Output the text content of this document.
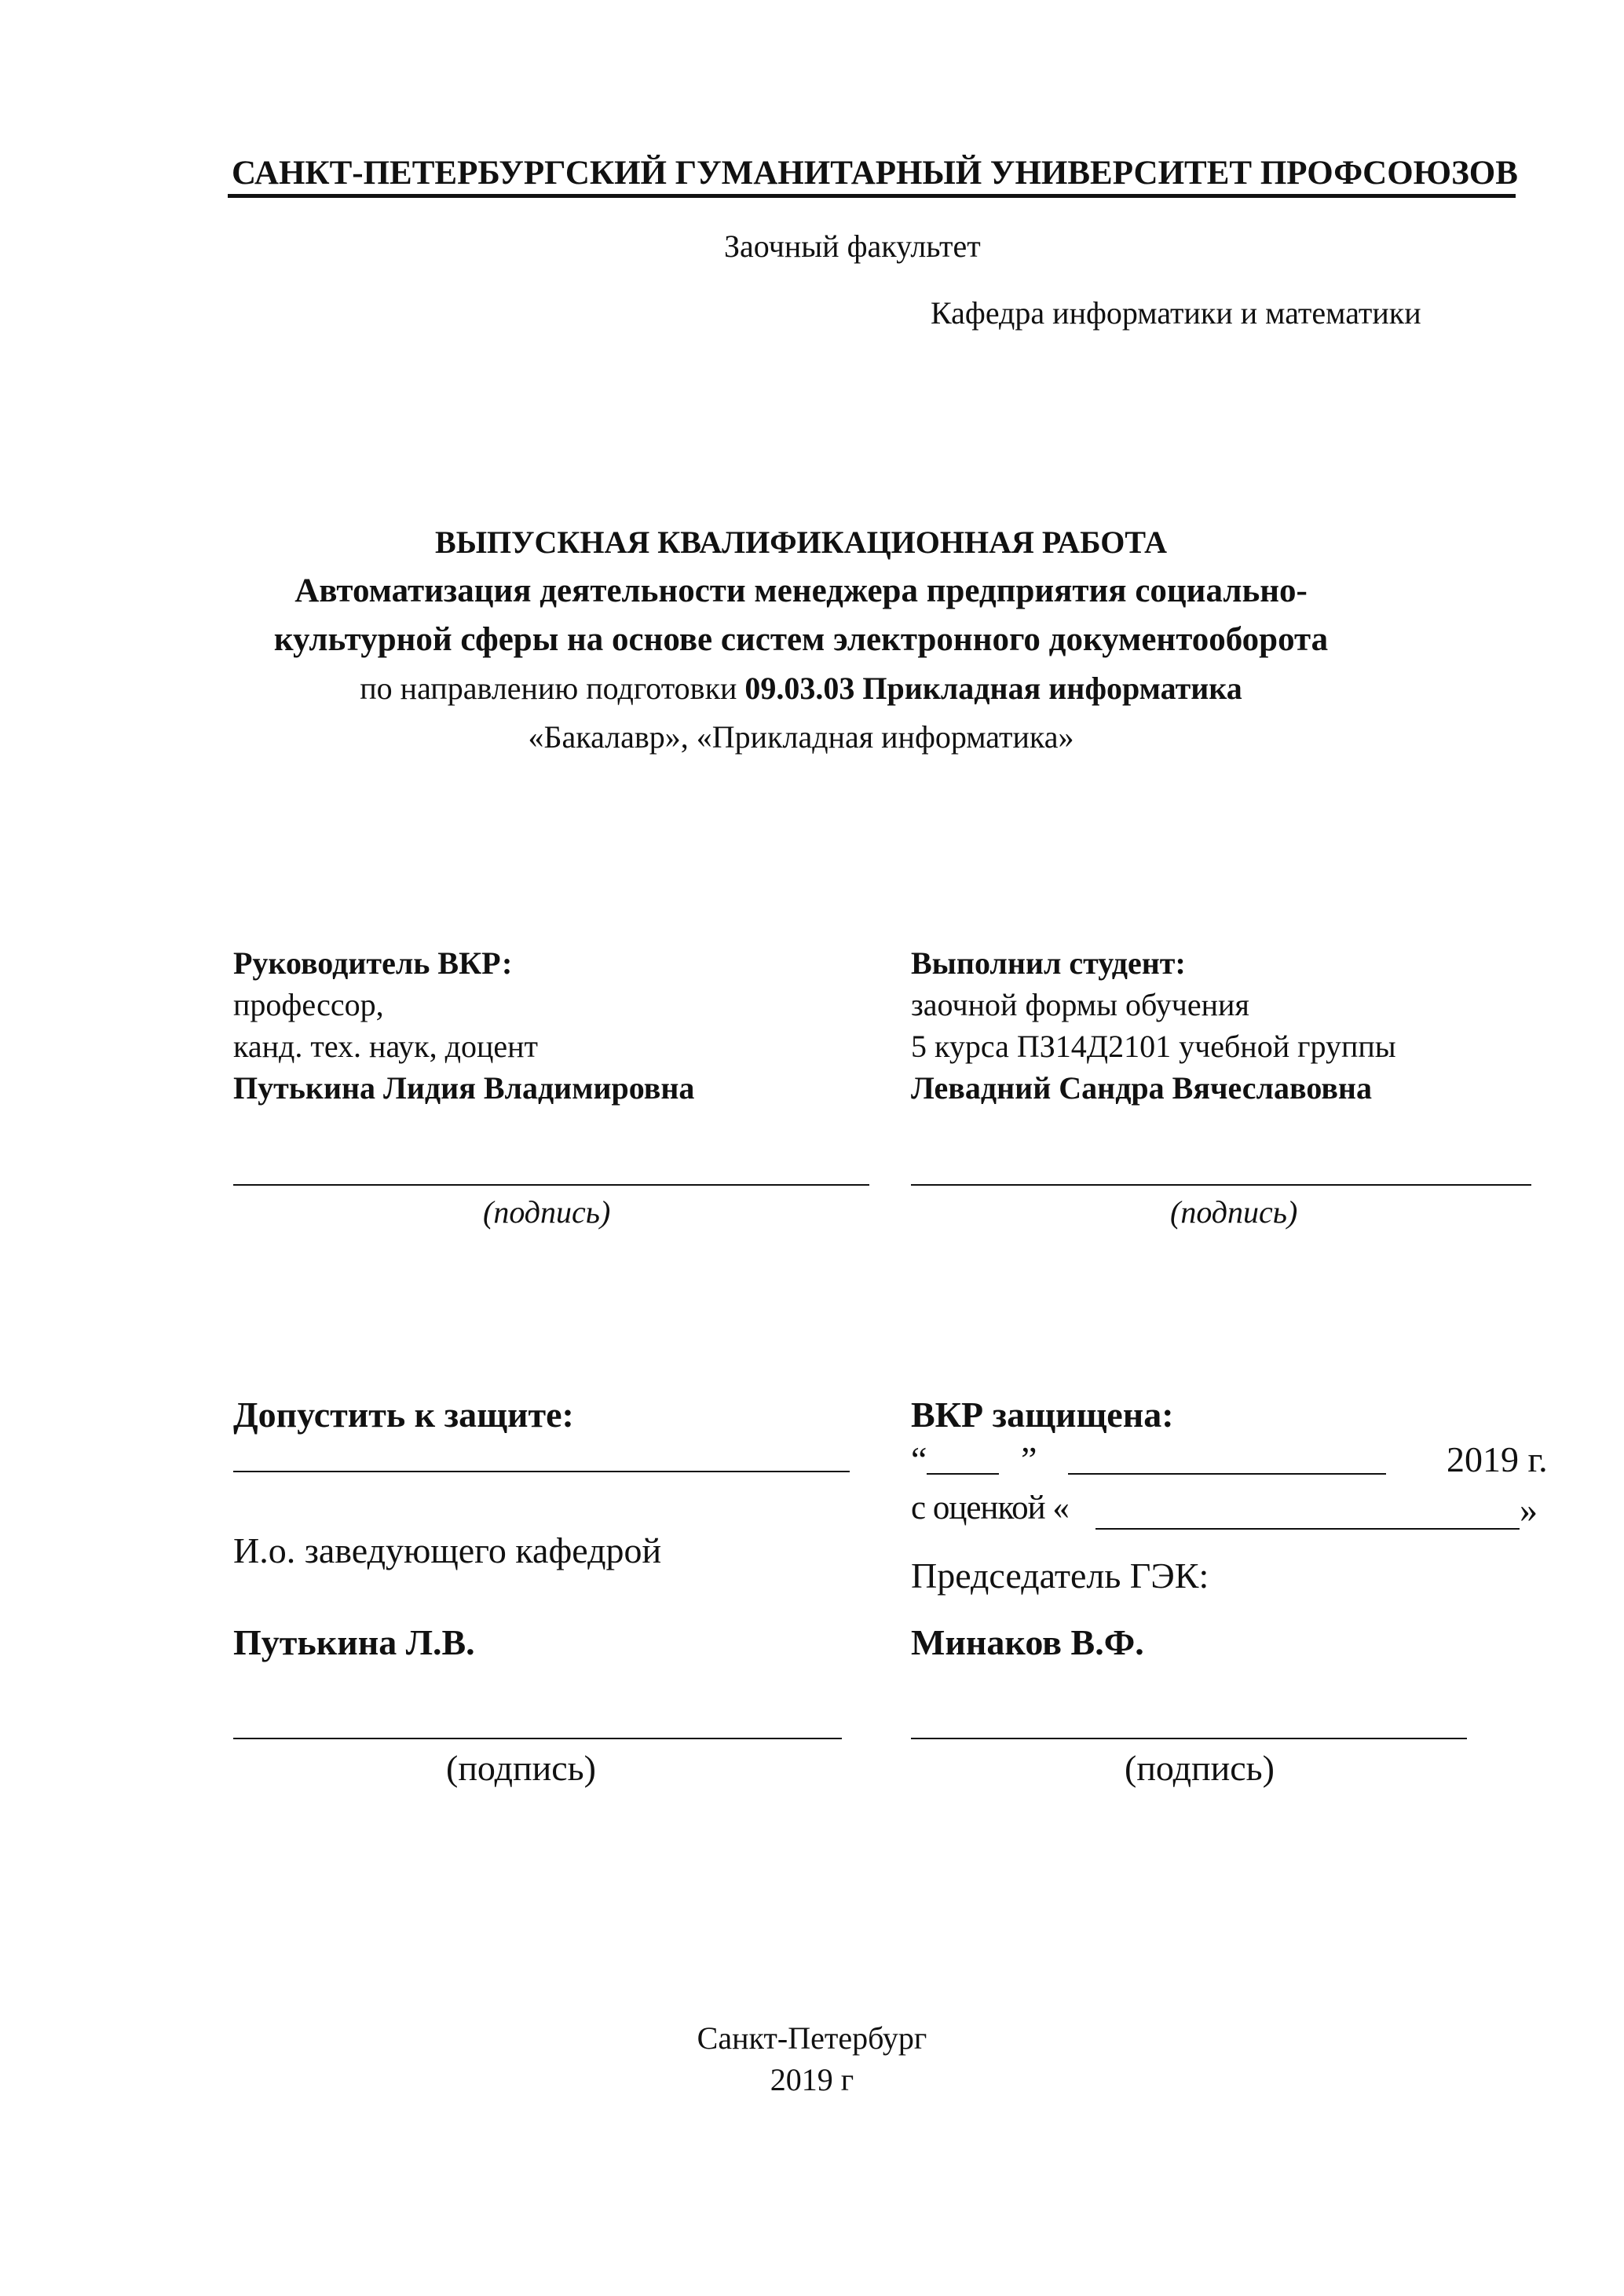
САНКТ-ПЕТЕРБУРГСКИЙ ГУМАНИТАРНЫЙ УНИВЕРСИТЕТ ПРОФСОЮЗОВ
Заочный факультет
Кафедра информатики и математики
ВЫПУСКНАЯ КВАЛИФИКАЦИОННАЯ РАБОТА
Автоматизация деятельности менеджера предприятия социально-
культурной сферы на основе систем электронного документооборота
по направлению подготовки 09.03.03 Прикладная информатика
«Бакалавр», «Прикладная информатика»
Руководитель ВКР:
профессор,
канд. тех. наук, доцент
Путькина Лидия Владимировна
(подпись)
Выполнил студент:
заочной формы обучения
5 курса ПЗ14Д2101 учебной группы
Левадний Сандра Вячеславовна
(подпись)
Допустить к защите:
И.о. заведующего кафедрой
Путькина Л.В.
(подпись)
ВКР защищена:
“	”	2019 г.
с оценкой «	»
Председатель ГЭК:
Минаков В.Ф.
(подпись)
Санкт-Петербург
2019 г
